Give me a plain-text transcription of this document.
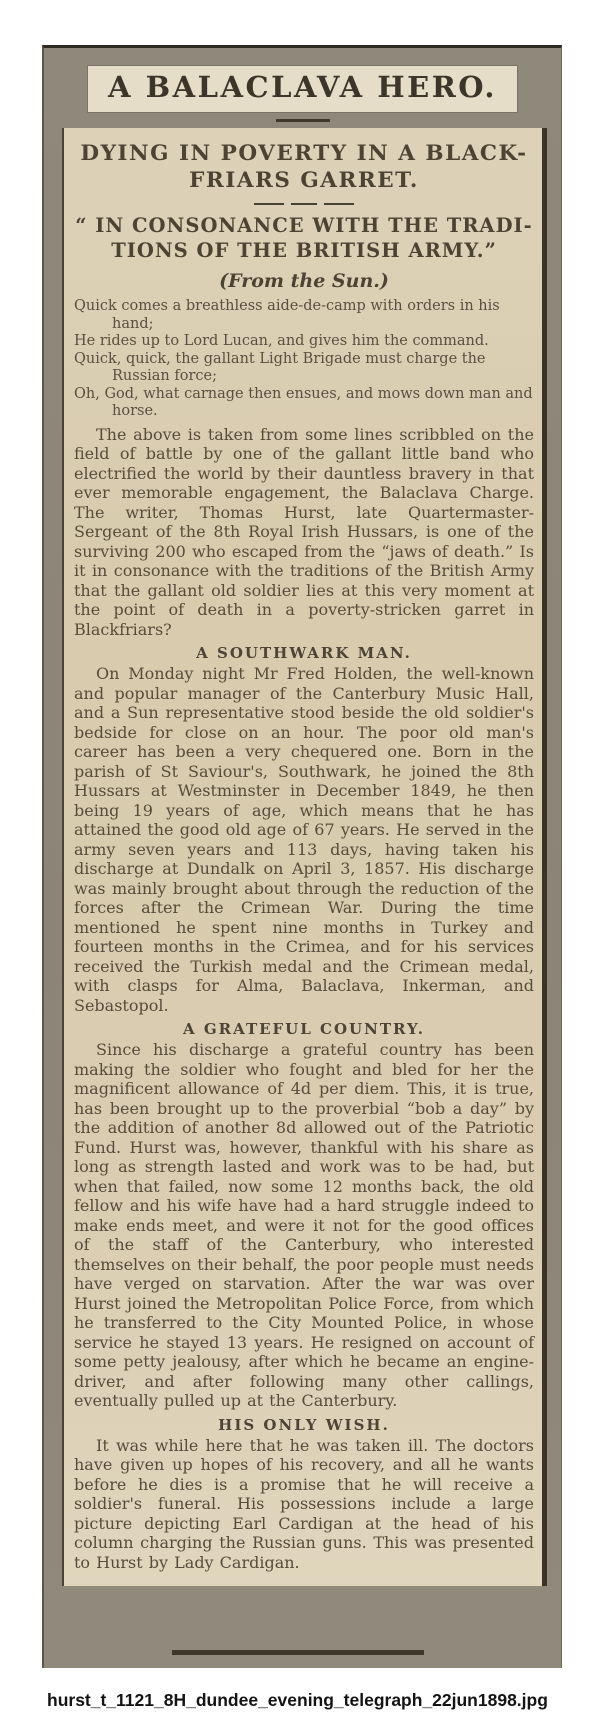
A BALACLAVA HERO.
DYING IN POVERTY IN A BLACK-
FRIARS GARRET.
“ IN CONSONANCE WITH THE TRADI-
TIONS OF THE BRITISH ARMY.”
(From the Sun.)
Quick comes a breathless aide-de-camp with orders in his hand;
He rides up to Lord Lucan, and gives him the command.
Quick, quick, the gallant Light Brigade must charge the Russian force;
Oh, God, what carnage then ensues, and mows down man and horse.

The above is taken from some lines scribbled on the field of battle by one of the gallant little band who electrified the world by their dauntless bravery in that ever memorable engagement, the Balaclava Charge. The writer, Thomas Hurst, late Quartermaster-Sergeant of the 8th Royal Irish Hussars, is one of the surviving 200 who escaped from the “jaws of death.” Is it in consonance with the traditions of the British Army that the gallant old soldier lies at this very moment at the point of death in a poverty-stricken garret in Blackfriars?

A SOUTHWARK MAN.

On Monday night Mr Fred Holden, the well-known and popular manager of the Canterbury Music Hall, and a Sun representative stood beside the old soldier's bedside for close on an hour. The poor old man's career has been a very chequered one. Born in the parish of St Saviour's, Southwark, he joined the 8th Hussars at Westminster in December 1849, he then being 19 years of age, which means that he has attained the good old age of 67 years. He served in the army seven years and 113 days, having taken his discharge at Dundalk on April 3, 1857. His discharge was mainly brought about through the reduction of the forces after the Crimean War. During the time mentioned he spent nine months in Turkey and fourteen months in the Crimea, and for his services received the Turkish medal and the Crimean medal, with clasps for Alma, Balaclava, Inkerman, and Sebastopol.

A GRATEFUL COUNTRY.

Since his discharge a grateful country has been making the soldier who fought and bled for her the magnificent allowance of 4d per diem. This, it is true, has been brought up to the proverbial “bob a day” by the addition of another 8d allowed out of the Patriotic Fund. Hurst was, however, thankful with his share as long as strength lasted and work was to be had, but when that failed, now some 12 months back, the old fellow and his wife have had a hard struggle indeed to make ends meet, and were it not for the good offices of the staff of the Canterbury, who interested themselves on their behalf, the poor people must needs have verged on starvation. After the war was over Hurst joined the Metropolitan Police Force, from which he transferred to the City Mounted Police, in whose service he stayed 13 years. He resigned on account of some petty jealousy, after which he became an engine-driver, and after following many other callings, eventually pulled up at the Canterbury.

HIS ONLY WISH.

It was while here that he was taken ill. The doctors have given up hopes of his recovery, and all he wants before he dies is a promise that he will receive a soldier's funeral. His possessions include a large picture depicting Earl Cardigan at the head of his column charging the Russian guns. This was presented to Hurst by Lady Cardigan.

hurst_t_1121_8H_dundee_evening_telegraph_22jun1898.jpg
